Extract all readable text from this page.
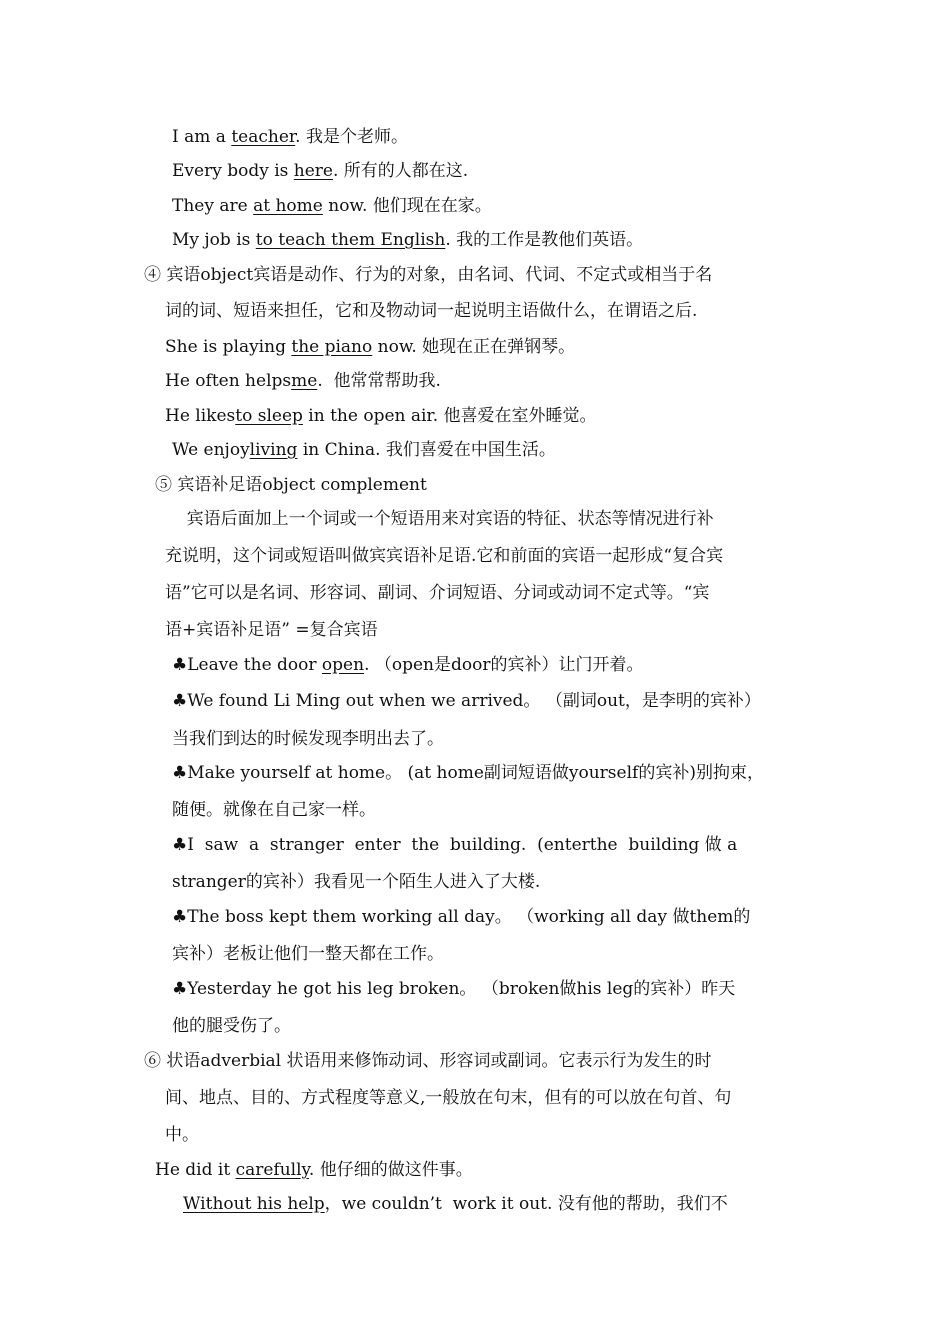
I am a teacher. 我是个老师。
Every body is here. 所有的人都在这.
They are at home now. 他们现在在家。
My job is to teach them English. 我的工作是教他们英语。
④ 宾语object宾语是动作、行为的对象，由名词、代词、不定式或相当于名
词的词、短语来担任，它和及物动词一起说明主语做什么，在谓语之后.
She is playing the piano now. 她现在正在弹钢琴。
He often helpsme.  他常常帮助我.
He likesto sleep in the open air. 他喜爱在室外睡觉。
We enjoyliving in China. 我们喜爱在中国生活。
⑤ 宾语补足语object complement
宾语后面加上一个词或一个短语用来对宾语的特征、状态等情况进行补
充说明，这个词或短语叫做宾宾语补足语.它和前面的宾语一起形成“复合宾
语”它可以是名词、形容词、副词、介词短语、分词或动词不定式等。“宾
语+宾语补足语” =复合宾语
♣Leave the door open. （open是door的宾补）让门开着。
♣We found Li Ming out when we arrived。 （副词out，是李明的宾补）
当我们到达的时候发现李明出去了。
♣Make yourself at home。 (at home副词短语做yourself的宾补)别拘束，
随便。就像在自己家一样。
♣I  saw  a  stranger  enter  the  building.  (enterthe  building 做 a
stranger的宾补）我看见一个陌生人进入了大楼.
♣The boss kept them working all day。 （working all day 做them的
宾补）老板让他们一整天都在工作。
♣Yesterday he got his leg broken。 （broken做his leg的宾补）昨天
他的腿受伤了。
⑥ 状语adverbial 状语用来修饰动词、形容词或副词。它表示行为发生的时
间、地点、目的、方式程度等意义,一般放在句末，但有的可以放在句首、句
中。
He did it carefully. 他仔细的做这件事。
Without his help，we couldn’t  work it out. 没有他的帮助，我们不
